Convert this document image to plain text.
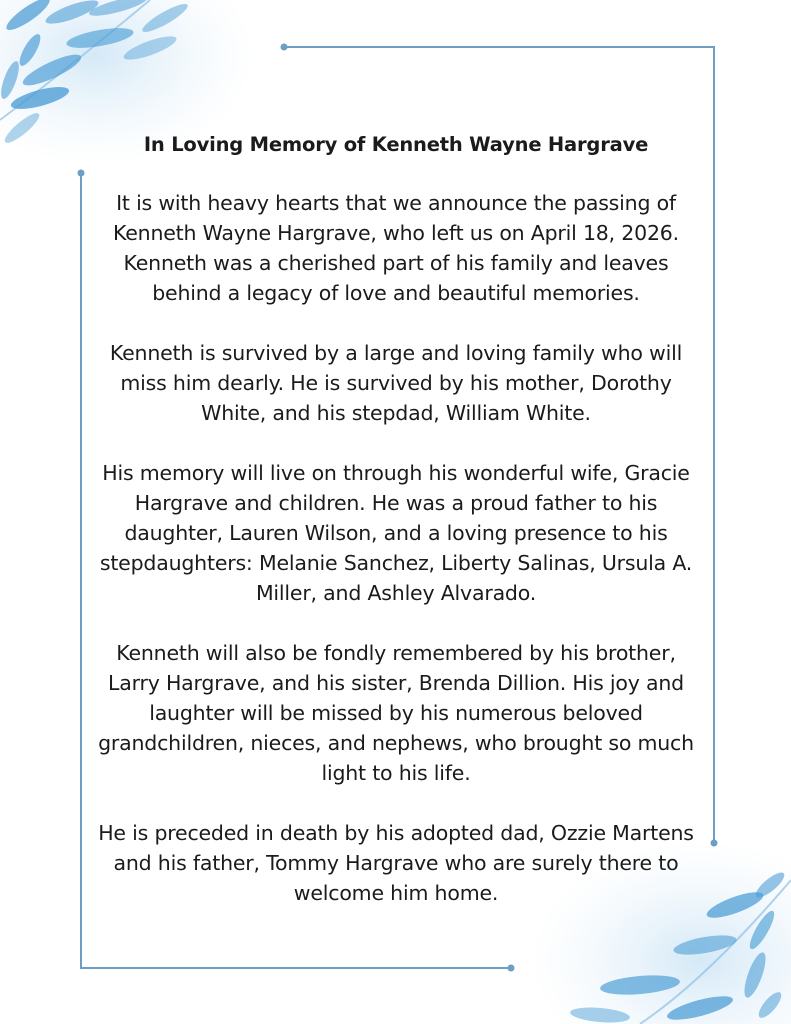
In Loving Memory of Kenneth Wayne Hargrave

It is with heavy hearts that we announce the passing of Kenneth Wayne Hargrave, who left us on April 18, 2026. Kenneth was a cherished part of his family and leaves behind a legacy of love and beautiful memories.

Kenneth is survived by a large and loving family who will miss him dearly. He is survived by his mother, Dorothy White, and his stepdad, William White.

His memory will live on through his wonderful wife, Gracie Hargrave and children. He was a proud father to his daughter, Lauren Wilson, and a loving presence to his stepdaughters: Melanie Sanchez, Liberty Salinas, Ursula A. Miller, and Ashley Alvarado.

Kenneth will also be fondly remembered by his brother, Larry Hargrave, and his sister, Brenda Dillion. His joy and laughter will be missed by his numerous beloved grandchildren, nieces, and nephews, who brought so much light to his life.

He is preceded in death by his adopted dad, Ozzie Martens and his father, Tommy Hargrave who are surely there to welcome him home.
